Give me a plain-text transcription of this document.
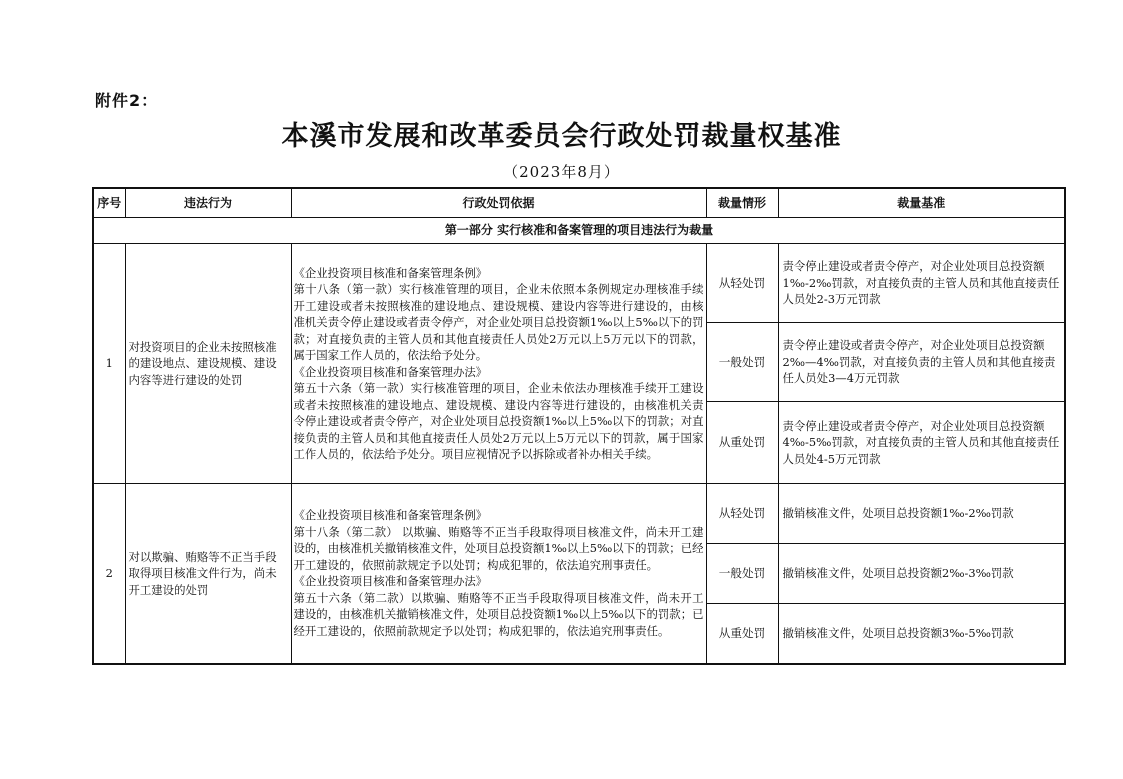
附件2：
本溪市发展和改革委员会行政处罚裁量权基准
（2023年8月）
序号	违法行为	行政处罚依据	裁量情形	裁量基准
第一部分 实行核准和备案管理的项目违法行为裁量				
1	对投资项目的企业未按照核准的建设地点、建设规模、建设内容等进行建设的处罚	《企业投资项目核准和备案管理条例》
第十八条（第一款）实行核准管理的项目，企业未依照本条例规定办理核准手续开工建设或者未按照核准的建设地点、建设规模、建设内容等进行建设的，由核准机关责令停止建设或者责令停产，对企业处项目总投资额1‰以上5‰以下的罚款；对直接负责的主管人员和其他直接责任人员处2万元以上5万元以下的罚款，属于国家工作人员的，依法给予处分。
《企业投资项目核准和备案管理办法》
第五十六条（第一款）实行核准管理的项目，企业未依法办理核准手续开工建设或者未按照核准的建设地点、建设规模、建设内容等进行建设的，由核准机关责令停止建设或者责令停产，对企业处项目总投资额1‰以上5‰以下的罚款；对直接负责的主管人员和其他直接责任人员处2万元以上5万元以下的罚款，属于国家工作人员的，依法给予处分。项目应视情况予以拆除或者补办相关手续。	从轻处罚	责令停止建设或者责令停产，对企业处项目总投资额1‰-2‰罚款，对直接负责的主管人员和其他直接责任人员处2-3万元罚款
			一般处罚	责令停止建设或者责令停产，对企业处项目总投资额2‰—4‰罚款，对直接负责的主管人员和其他直接责任人员处3—4万元罚款
			从重处罚	责令停止建设或者责令停产，对企业处项目总投资额4‰-5‰罚款，对直接负责的主管人员和其他直接责任人员处4-5万元罚款
2	对以欺骗、贿赂等不正当手段取得项目核准文件行为，尚未开工建设的处罚	《企业投资项目核准和备案管理条例》
第十八条（第二款） 以欺骗、贿赂等不正当手段取得项目核准文件，尚未开工建设的，由核准机关撤销核准文件，处项目总投资额1‰以上5‰以下的罚款；已经开工建设的，依照前款规定予以处罚；构成犯罪的，依法追究刑事责任。
《企业投资项目核准和备案管理办法》
第五十六条（第二款）以欺骗、贿赂等不正当手段取得项目核准文件，尚未开工建设的，由核准机关撤销核准文件，处项目总投资额1‰以上5‰以下的罚款；已经开工建设的，依照前款规定予以处罚；构成犯罪的，依法追究刑事责任。	从轻处罚	撤销核准文件，处项目总投资额1‰-2‰罚款
			一般处罚	撤销核准文件，处项目总投资额2‰-3‰罚款
			从重处罚	撤销核准文件，处项目总投资额3‰-5‰罚款
